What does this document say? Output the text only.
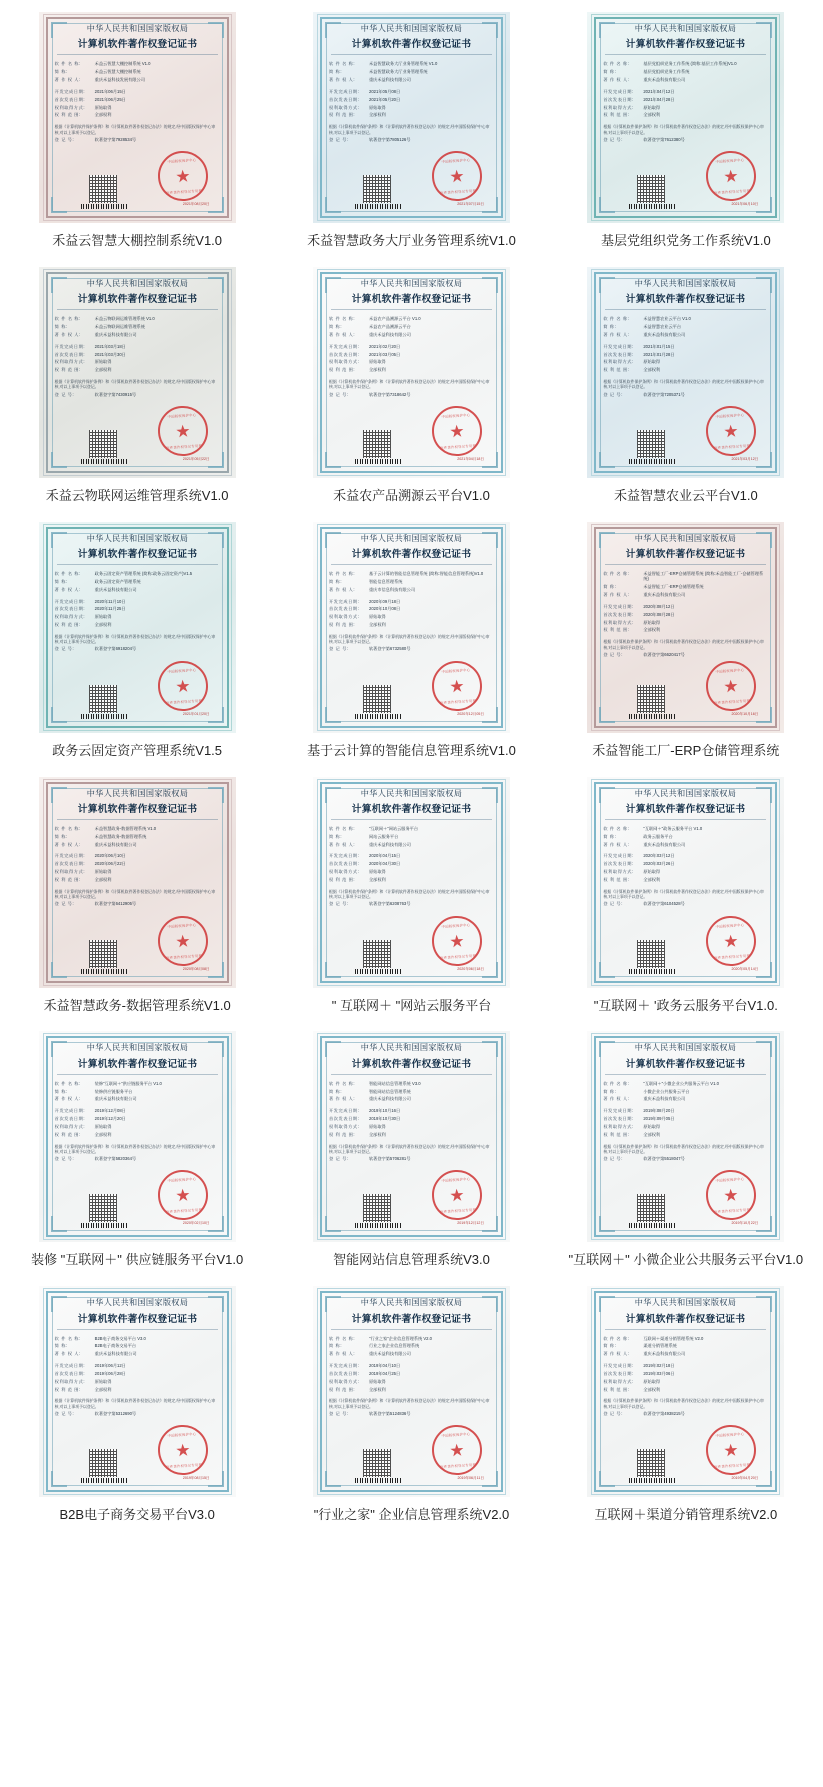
中华人民共和国国家版权局
计算机软件著作权登记证书
软 件 名 称:	禾益云智慧大棚控制系统 V1.0
简 称:	禾益云智慧大棚控制系统
著 作 权 人:	重庆禾益科技发展有限公司
开发完成日期:	2021年06月15日
首次发表日期:	2021年06月25日
权利取得方式:	原始取得
权 利 范 围:	全部权利
根据《计算机软件保护条例》和《计算机软件著作权登记办法》的规定,经中国版权保护中心审核,对以上事项予以登记。
登 记 号:	软著登字第7928534号
中国版权保护中心
★
软件著作权登记专用章
2021年08月20日
禾益云智慧大棚控制系统V1.0
中华人民共和国国家版权局
计算机软件著作权登记证书
软 件 名 称:	禾益智慧政务大厅业务管理系统 V1.0
简 称:	禾益智慧政务大厅业务管理系统
著 作 权 人:	重庆禾益科技有限公司
开发完成日期:	2021年05月08日
首次发表日期:	2021年05月20日
权利取得方式:	原始取得
权 利 范 围:	全部权利
根据《计算机软件保护条例》和《计算机软件著作权登记办法》的规定,经中国版权保护中心审核,对以上事项予以登记。
登 记 号:	软著登字第7805126号
中国版权保护中心
★
软件著作权登记专用章
2021年07月15日
禾益智慧政务大厅业务管理系统V1.0
中华人民共和国国家版权局
计算机软件著作权登记证书
软 件 名 称:	基层党组织党务工作系统 (简称:基层工作系统)V1.0
简 称:	基层党组织党务工作系统
著 作 权 人:	重庆禾益科技有限公司
开发完成日期:	2021年04月12日
首次发表日期:	2021年04月28日
权利取得方式:	原始取得
权 利 范 围:	全部权利
根据《计算机软件保护条例》和《计算机软件著作权登记办法》的规定,经中国版权保护中心审核,对以上事项予以登记。
登 记 号:	软著登字第7612380号
中国版权保护中心
★
软件著作权登记专用章
2021年06月10日
基层党组织党务工作系统V1.0
中华人民共和国国家版权局
计算机软件著作权登记证书
软 件 名 称:	禾益云物联网运维管理系统 V1.0
简 称:	禾益云物联网运维管理系统
著 作 权 人:	重庆禾益科技有限公司
开发完成日期:	2021年03月18日
首次发表日期:	2021年03月30日
权利取得方式:	原始取得
权 利 范 围:	全部权利
根据《计算机软件保护条例》和《计算机软件著作权登记办法》的规定,经中国版权保护中心审核,对以上事项予以登记。
登 记 号:	软著登字第7430915号
中国版权保护中心
★
软件著作权登记专用章
2021年05月22日
禾益云物联网运维管理系统V1.0
中华人民共和国国家版权局
计算机软件著作权登记证书
软 件 名 称:	禾益农产品溯源云平台 V1.0
简 称:	禾益农产品溯源云平台
著 作 权 人:	重庆禾益科技有限公司
开发完成日期:	2021年02月20日
首次发表日期:	2021年03月05日
权利取得方式:	原始取得
权 利 范 围:	全部权利
根据《计算机软件保护条例》和《计算机软件著作权登记办法》的规定,经中国版权保护中心审核,对以上事项予以登记。
登 记 号:	软著登字第7318642号
中国版权保护中心
★
软件著作权登记专用章
2021年04月18日
禾益农产品溯源云平台V1.0
中华人民共和国国家版权局
计算机软件著作权登记证书
软 件 名 称:	禾益智慧农业云平台 V1.0
简 称:	禾益智慧农业云平台
著 作 权 人:	重庆禾益科技有限公司
开发完成日期:	2021年01月15日
首次发表日期:	2021年01月28日
权利取得方式:	原始取得
权 利 范 围:	全部权利
根据《计算机软件保护条例》和《计算机软件著作权登记办法》的规定,经中国版权保护中心审核,对以上事项予以登记。
登 记 号:	软著登字第7205371号
中国版权保护中心
★
软件著作权登记专用章
2021年03月12日
禾益智慧农业云平台V1.0
中华人民共和国国家版权局
计算机软件著作权登记证书
软 件 名 称:	政务云固定资产管理系统 (简称:政务云固定资产)V1.5
简 称:	政务云固定资产管理系统
著 作 权 人:	重庆禾益科技有限公司
开发完成日期:	2020年11月10日
首次发表日期:	2020年11月25日
权利取得方式:	原始取得
权 利 范 围:	全部权利
根据《计算机软件保护条例》和《计算机软件著作权登记办法》的规定,经中国版权保护中心审核,对以上事项予以登记。
登 记 号:	软著登字第6918204号
中国版权保护中心
★
软件著作权登记专用章
2021年01月20日
政务云固定资产管理系统V1.5
中华人民共和国国家版权局
计算机软件著作权登记证书
软 件 名 称:	基于云计算的智能信息管理系统 (简称:智能信息管理系统)V1.0
简 称:	智能信息管理系统
著 作 权 人:	重庆市信息科技有限公司
开发完成日期:	2020年09月18日
首次发表日期:	2020年10月08日
权利取得方式:	原始取得
权 利 范 围:	全部权利
根据《计算机软件保护条例》和《计算机软件著作权登记办法》的规定,经中国版权保护中心审核,对以上事项予以登记。
登 记 号:	软著登字第6732580号
中国版权保护中心
★
软件著作权登记专用章
2020年12月05日
基于云计算的智能信息管理系统V1.0
中华人民共和国国家版权局
计算机软件著作权登记证书
软 件 名 称:	禾益智能工厂-ERP仓储管理系统 (简称:禾益智能工厂-仓储管理系统)
简 称:	禾益智能工厂-ERP仓储管理系统
著 作 权 人:	重庆禾益科技有限公司
开发完成日期:	2020年08月12日
首次发表日期:	2020年08月28日
权利取得方式:	原始取得
权 利 范 围:	全部权利
根据《计算机软件保护条例》和《计算机软件著作权登记办法》的规定,经中国版权保护中心审核,对以上事项予以登记。
登 记 号:	软著登字第6620417号
中国版权保护中心
★
软件著作权登记专用章
2020年10月16日
禾益智能工厂-ERP仓储管理系统
中华人民共和国国家版权局
计算机软件著作权登记证书
软 件 名 称:	禾益智慧政务-数据管理系统 V1.0
简 称:	禾益智慧政务-数据管理系统
著 作 权 人:	重庆禾益科技有限公司
开发完成日期:	2020年06月10日
首次发表日期:	2020年06月22日
权利取得方式:	原始取得
权 利 范 围:	全部权利
根据《计算机软件保护条例》和《计算机软件著作权登记办法》的规定,经中国版权保护中心审核,对以上事项予以登记。
登 记 号:	软著登字第6412905号
中国版权保护中心
★
软件著作权登记专用章
2020年08月08日
禾益智慧政务-数据管理系统V1.0
中华人民共和国国家版权局
计算机软件著作权登记证书
软 件 名 称:	"互联网＋"网站云服务平台
简 称:	网站云服务平台
著 作 权 人:	重庆禾益科技有限公司
开发完成日期:	2020年04月15日
首次发表日期:	2020年04月30日
权利取得方式:	原始取得
权 利 范 围:	全部权利
根据《计算机软件保护条例》和《计算机软件著作权登记办法》的规定,经中国版权保护中心审核,对以上事项予以登记。
登 记 号:	软著登字第6208763号
中国版权保护中心
★
软件著作权登记专用章
2020年06月18日
" 互联网＋ "网站云服务平台
中华人民共和国国家版权局
计算机软件著作权登记证书
软 件 名 称:	"互联网＋"政务云服务平台 V1.0
简 称:	政务云服务平台
著 作 权 人:	重庆禾益科技有限公司
开发完成日期:	2020年03月12日
首次发表日期:	2020年03月26日
权利取得方式:	原始取得
权 利 范 围:	全部权利
根据《计算机软件保护条例》和《计算机软件著作权登记办法》的规定,经中国版权保护中心审核,对以上事项予以登记。
登 记 号:	软著登字第6104528号
中国版权保护中心
★
软件著作权登记专用章
2020年05月14日
"互联网＋ '政务云服务平台V1.0.
中华人民共和国国家版权局
计算机软件著作权登记证书
软 件 名 称:	装修"互联网＋"供应链服务平台 V1.0
简 称:	装修供应链服务平台
著 作 权 人:	重庆禾益科技有限公司
开发完成日期:	2019年12月08日
首次发表日期:	2019年12月20日
权利取得方式:	原始取得
权 利 范 围:	全部权利
根据《计算机软件保护条例》和《计算机软件著作权登记办法》的规定,经中国版权保护中心审核,对以上事项予以登记。
登 记 号:	软著登字第5820364号
中国版权保护中心
★
软件著作权登记专用章
2020年02月10日
装修 "互联网＋" 供应链服务平台V1.0
中华人民共和国国家版权局
计算机软件著作权登记证书
软 件 名 称:	智能网站信息管理系统 V3.0
简 称:	智能网站信息管理系统
著 作 权 人:	重庆禾益科技有限公司
开发完成日期:	2019年10月16日
首次发表日期:	2019年10月30日
权利取得方式:	原始取得
权 利 范 围:	全部权利
根据《计算机软件保护条例》和《计算机软件著作权登记办法》的规定,经中国版权保护中心审核,对以上事项予以登记。
登 记 号:	软著登字第5706281号
中国版权保护中心
★
软件著作权登记专用章
2019年12月12日
智能网站信息管理系统V3.0
中华人民共和国国家版权局
计算机软件著作权登记证书
软 件 名 称:	"互联网＋"小微企业公共服务云平台 V1.0
简 称:	小微企业公共服务云平台
著 作 权 人:	重庆禾益科技有限公司
开发完成日期:	2019年08月20日
首次发表日期:	2019年09月05日
权利取得方式:	原始取得
权 利 范 围:	全部权利
根据《计算机软件保护条例》和《计算机软件著作权登记办法》的规定,经中国版权保护中心审核,对以上事项予以登记。
登 记 号:	软著登字第5518047号
中国版权保护中心
★
软件著作权登记专用章
2019年10月22日
"互联网＋" 小微企业公共服务云平台V1.0
中华人民共和国国家版权局
计算机软件著作权登记证书
软 件 名 称:	B2B电子商务交易平台 V3.0
简 称:	B2B电子商务交易平台
著 作 权 人:	重庆禾益科技有限公司
开发完成日期:	2019年06月12日
首次发表日期:	2019年06月28日
权利取得方式:	原始取得
权 利 范 围:	全部权利
根据《计算机软件保护条例》和《计算机软件著作权登记办法》的规定,经中国版权保护中心审核,对以上事项予以登记。
登 记 号:	软著登字第5312690号
中国版权保护中心
★
软件著作权登记专用章
2019年08月15日
B2B电子商务交易平台V3.0
中华人民共和国国家版权局
计算机软件著作权登记证书
软 件 名 称:	"行业之家"企业信息管理系统 V2.0
简 称:	行业之家企业信息管理系统
著 作 权 人:	重庆禾益科技有限公司
开发完成日期:	2019年04月10日
首次发表日期:	2019年04月25日
权利取得方式:	原始取得
权 利 范 围:	全部权利
根据《计算机软件保护条例》和《计算机软件著作权登记办法》的规定,经中国版权保护中心审核,对以上事项予以登记。
登 记 号:	软著登字第5124836号
中国版权保护中心
★
软件著作权登记专用章
2019年06月11日
"行业之家" 企业信息管理系统V2.0
中华人民共和国国家版权局
计算机软件著作权登记证书
软 件 名 称:	互联网＋渠道分销管理系统 V2.0
简 称:	渠道分销管理系统
著 作 权 人:	重庆禾益科技有限公司
开发完成日期:	2019年02月18日
首次发表日期:	2019年03月06日
权利取得方式:	原始取得
权 利 范 围:	全部权利
根据《计算机软件保护条例》和《计算机软件著作权登记办法》的规定,经中国版权保护中心审核,对以上事项予以登记。
登 记 号:	软著登字第4938215号
中国版权保护中心
★
软件著作权登记专用章
2019年04月20日
互联网＋渠道分销管理系统V2.0
